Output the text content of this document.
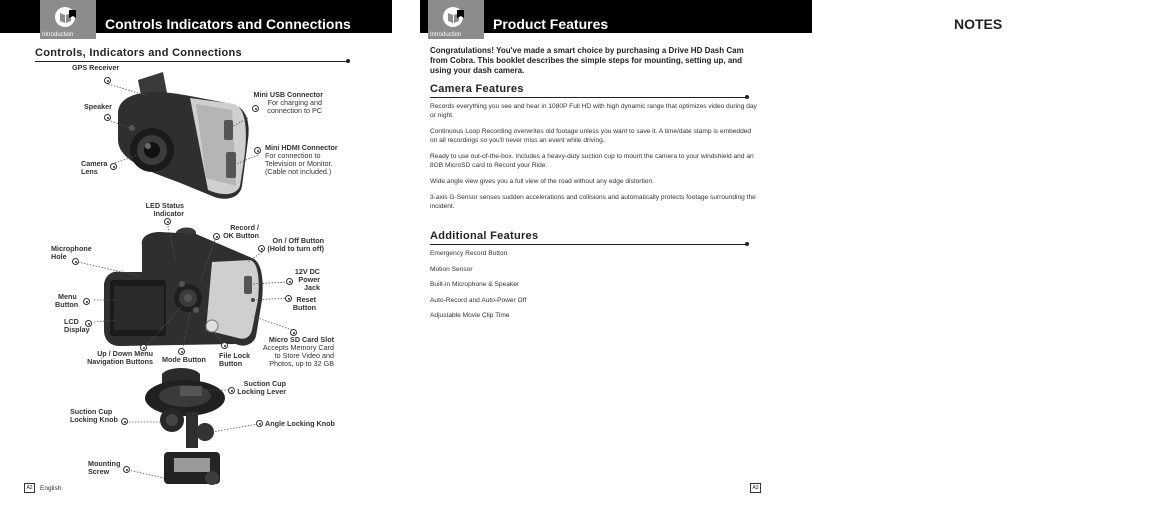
Introduction
Controls Indicators and Connections
Introduction
Product Features	NOTES
Controls, Indicators and Connections
GPS Receiver
Speaker
Camera
Lens
Mini USB Connector
For charging and
connection to PC
Mini HDMI Connector
For connection to
Television or Monitor.
(Cable not included.)
LED Status
Indicator
Record /
OK Button
On / Off Button
(Hold to turn off)
Microphone
Hole
12V DC
Power
Jack
Menu
Button
Reset
Button
LCD
Display
Micro SD Card Slot
Accepts Memory Card
to Store Video and
Photos, up to 32 GB
Up / Down Menu
Navigation Buttons Mode Button File Lock
Button
Suction Cup
Locking Lever
Suction Cup
Locking Knob	Angle Locking Knob
Mounting
Screw
A2	English
Congratulations! You've made a smart choice by purchasing a Drive HD Dash Cam from Cobra. This booklet describes the simple steps for mounting, setting up, and using your dash camera.
Camera Features
Records everything you see and hear in 1080P Full HD with high dynamic range that optimizes video during day or night.
Continuous Loop Recording overwrites old footage unless you want to save it. A time/date stamp is embedded on all recordings so you'll never miss an event while driving.
Ready to use out-of-the-box. Includes a heavy-duty suction cup to mount the camera to your windshield and an 8GB MicroSD card to Record your Ride.
Wide angle view gives you a full view of the road without any edge distortion.
3-axis G-Sensor senses sudden accelerations and collisions and automatically protects footage surrounding the incident.
Additional Features
Emergency Record Button
Motion Sensor
Built-in Microphone & Speaker
Auto-Record and Auto-Power Off
Adjustable Movie Clip Time
A3
